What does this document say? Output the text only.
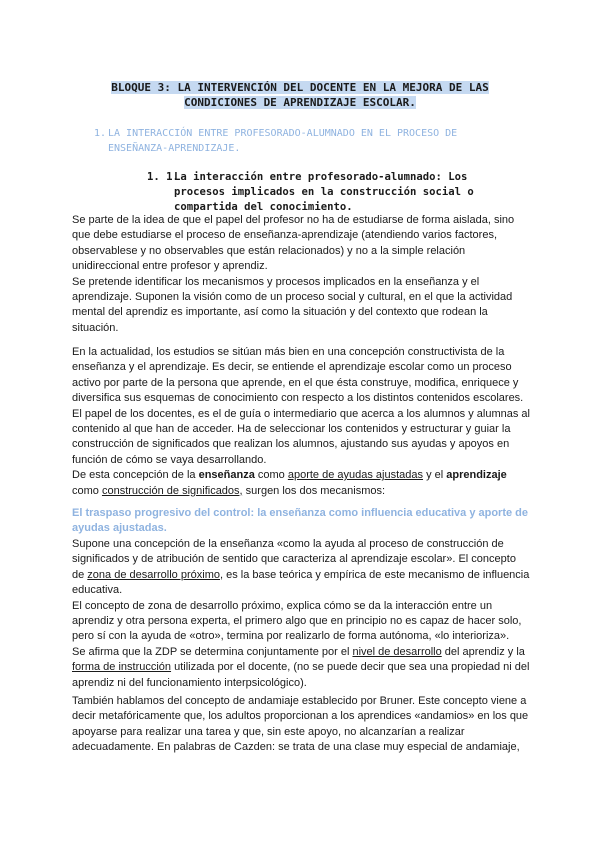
BLOQUE 3: LA INTERVENCIÓN DEL DOCENTE EN LA MEJORA DE LAS
CONDICIONES DE APRENDIZAJE ESCOLAR.
1. LA INTERACCIÓN ENTRE PROFESORADO-ALUMNADO EN EL PROCESO DE ENSEÑANZA-APRENDIZAJE.
1. 1.
La interacción entre profesorado-alumnado: Los procesos implicados en la construcción social o compartida del conocimiento.

Se parte de la idea de que el papel del profesor no ha de estudiarse de forma aislada, sino que debe estudiarse el proceso de enseñanza-aprendizaje (atendiendo varios factores, observablese y no observables que están relacionados) y no a la simple relación unidireccional entre profesor y aprendiz.

Se pretende identificar los mecanismos y procesos implicados en la enseñanza y el aprendizaje. Suponen la visión como de un proceso social y cultural, en el que la actividad mental del aprendiz es importante, así como la situación y del contexto que rodean la situación.

En la actualidad, los estudios se sitúan más bien en una concepción constructivista de la enseñanza y el aprendizaje. Es decir, se entiende el aprendizaje escolar como un proceso activo por parte de la persona que aprende, en el que ésta construye, modifica, enriquece y diversifica sus esquemas de conocimiento con respecto a los distintos contenidos escolares. El papel de los docentes, es el de guía o intermediario que acerca a los alumnos y alumnas al contenido al que han de acceder. Ha de seleccionar los contenidos y estructurar y guiar la construcción de significados que realizan los alumnos, ajustando sus ayudas y apoyos en función de cómo se vaya desarrollando.

De esta concepción de la enseñanza como aporte de ayudas ajustadas y el aprendizaje como construcción de significados, surgen los dos mecanismos:

El traspaso progresivo del control: la enseñanza como influencia educativa y aporte de ayudas ajustadas.

Supone una concepción de la enseñanza «como la ayuda al proceso de construcción de significados y de atribución de sentido que caracteriza al aprendizaje escolar». El concepto de zona de desarrollo próximo, es la base teórica y empírica de este mecanismo de influencia educativa.

El concepto de zona de desarrollo próximo, explica cómo se da la interacción entre un aprendiz y otra persona experta, el primero algo que en principio no es capaz de hacer solo, pero sí con la ayuda de «otro», termina por realizarlo de forma autónoma, «lo interioriza».

Se afirma que la ZDP se determina conjuntamente por el nivel de desarrollo del aprendiz y la forma de instrucción utilizada por el docente, (no se puede decir que sea una propiedad ni del aprendiz ni del funcionamiento interpsicológico).

También hablamos del concepto de andamiaje establecido por Bruner. Este concepto viene a decir metafóricamente que, los adultos proporcionan a los aprendices «andamios» en los que apoyarse para realizar una tarea y que, sin este apoyo, no alcanzarían a realizar adecuadamente. En palabras de Cazden: se trata de una clase muy especial de andamiaje,
